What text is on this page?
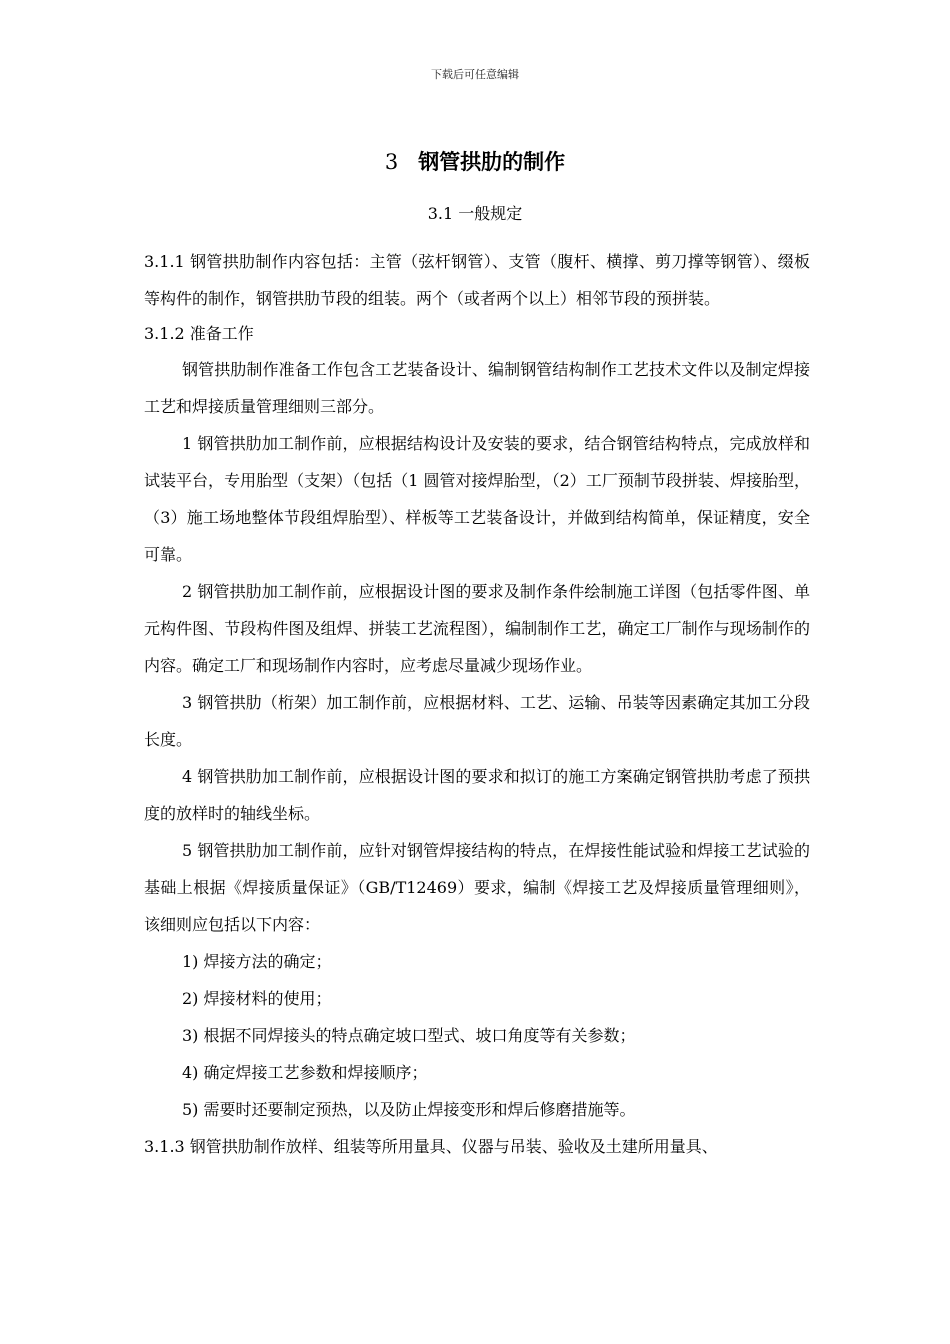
下载后可任意编辑
3 钢管拱肋的制作
3.1 一般规定

3.1.1 钢管拱肋制作内容包括：主管（弦杆钢管）、支管（腹杆、横撑、剪刀撑等钢管）、缀板等构件的制作，钢管拱肋节段的组装。两个（或者两个以上）相邻节段的预拼装。

3.1.2 准备工作

钢管拱肋制作准备工作包含工艺装备设计、编制钢管结构制作工艺技术文件以及制定焊接工艺和焊接质量管理细则三部分。

1 钢管拱肋加工制作前，应根据结构设计及安装的要求，结合钢管结构特点，完成放样和试装平台，专用胎型（支架）（包括（1 圆管对接焊胎型，（2）工厂预制节段拼装、焊接胎型，（3）施工场地整体节段组焊胎型）、样板等工艺装备设计，并做到结构简单，保证精度，安全可靠。

2 钢管拱肋加工制作前，应根据设计图的要求及制作条件绘制施工详图（包括零件图、单元构件图、节段构件图及组焊、拼装工艺流程图），编制制作工艺，确定工厂制作与现场制作的内容。确定工厂和现场制作内容时，应考虑尽量减少现场作业。

3 钢管拱肋（桁架）加工制作前，应根据材料、工艺、运输、吊装等因素确定其加工分段长度。

4 钢管拱肋加工制作前，应根据设计图的要求和拟订的施工方案确定钢管拱肋考虑了预拱度的放样时的轴线坐标。

5 钢管拱肋加工制作前，应针对钢管焊接结构的特点，在焊接性能试验和焊接工艺试验的基础上根据《焊接质量保证》（GB/T12469）要求，编制《焊接工艺及焊接质量管理细则》，该细则应包括以下内容：

1) 焊接方法的确定；

2) 焊接材料的使用；

3) 根据不同焊接头的特点确定坡口型式、坡口角度等有关参数；

4) 确定焊接工艺参数和焊接顺序；

5) 需要时还要制定预热，以及防止焊接变形和焊后修磨措施等。

3.1.3 钢管拱肋制作放样、组装等所用量具、仪器与吊装、验收及土建所用量具、
